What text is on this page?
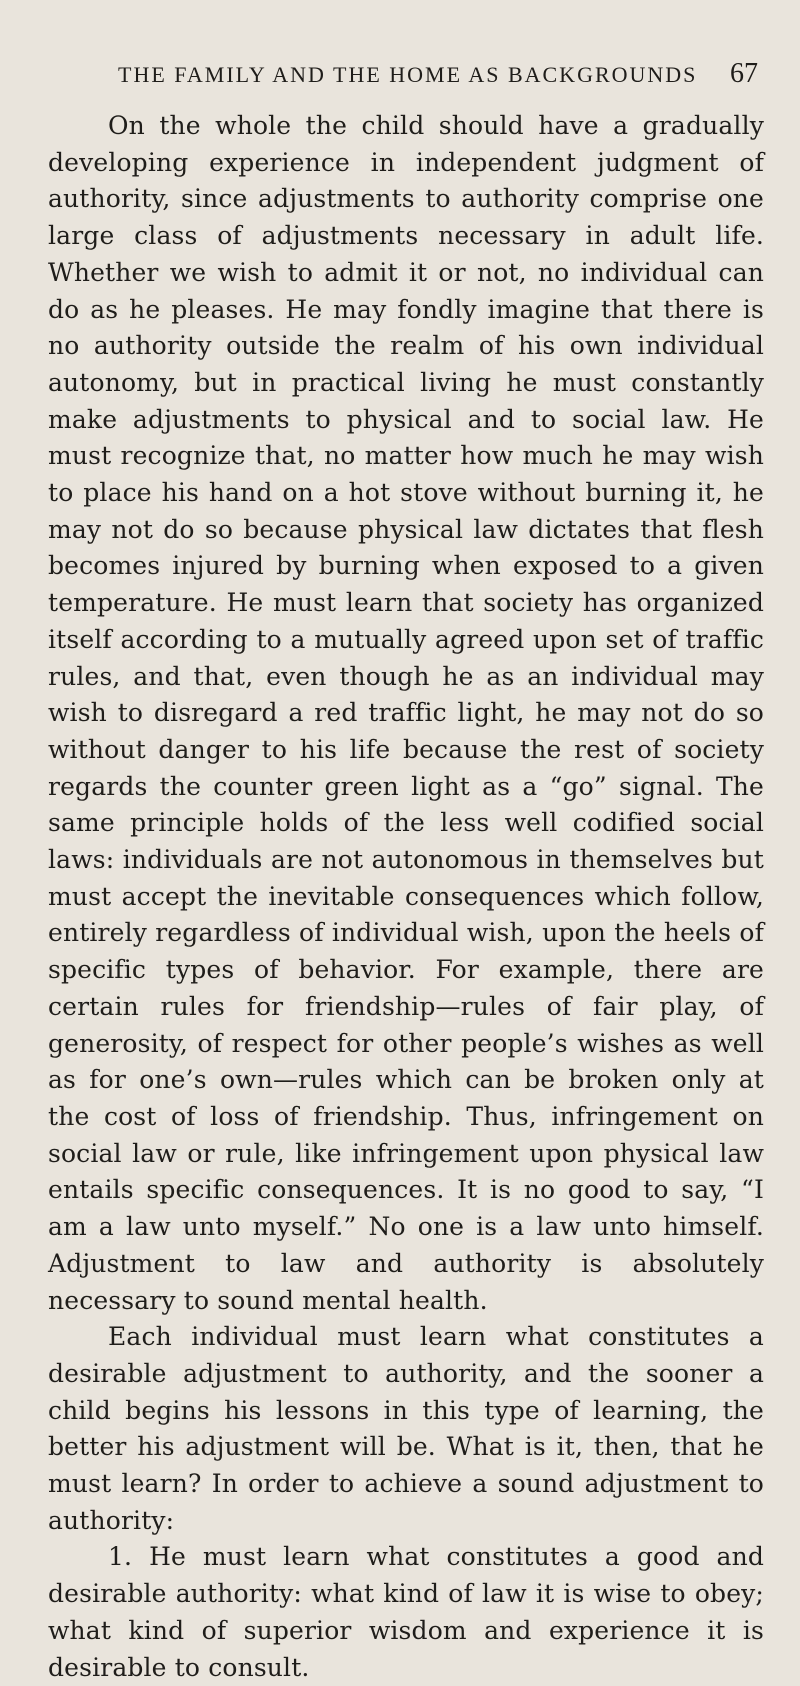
THE FAMILY AND THE HOME AS BACKGROUNDS 67

On the whole the child should have a gradually developing experience in independent judgment of authority, since adjustments to authority comprise one large class of adjustments necessary in adult life. Whether we wish to admit it or not, no individual can do as he pleases. He may fondly imagine that there is no authority outside the realm of his own individual autonomy, but in practical living he must constantly make adjustments to physical and to social law. He must recognize that, no matter how much he may wish to place his hand on a hot stove without burning it, he may not do so because physical law dictates that flesh becomes injured by burning when exposed to a given temperature. He must learn that society has organized itself according to a mutually agreed upon set of traffic rules, and that, even though he as an individual may wish to disregard a red traffic light, he may not do so without danger to his life because the rest of society regards the counter green light as a “go” signal. The same principle holds of the less well codified social laws: individuals are not autonomous in themselves but must accept the inevitable consequences which follow, entirely regardless of individual wish, upon the heels of specific types of behavior. For example, there are certain rules for friendship—rules of fair play, of generosity, of respect for other people’s wishes as well as for one’s own—rules which can be broken only at the cost of loss of friendship. Thus, infringement on social law or rule, like infringement upon physical law entails specific consequences. It is no good to say, “I am a law unto myself.” No one is a law unto himself. Adjustment to law and authority is absolutely necessary to sound mental health.

Each individual must learn what constitutes a desirable adjustment to authority, and the sooner a child begins his lessons in this type of learning, the better his adjustment will be. What is it, then, that he must learn? In order to achieve a sound adjustment to authority:

1. He must learn what constitutes a good and desirable authority: what kind of law it is wise to obey; what kind of superior wisdom and experience it is desirable to consult.
